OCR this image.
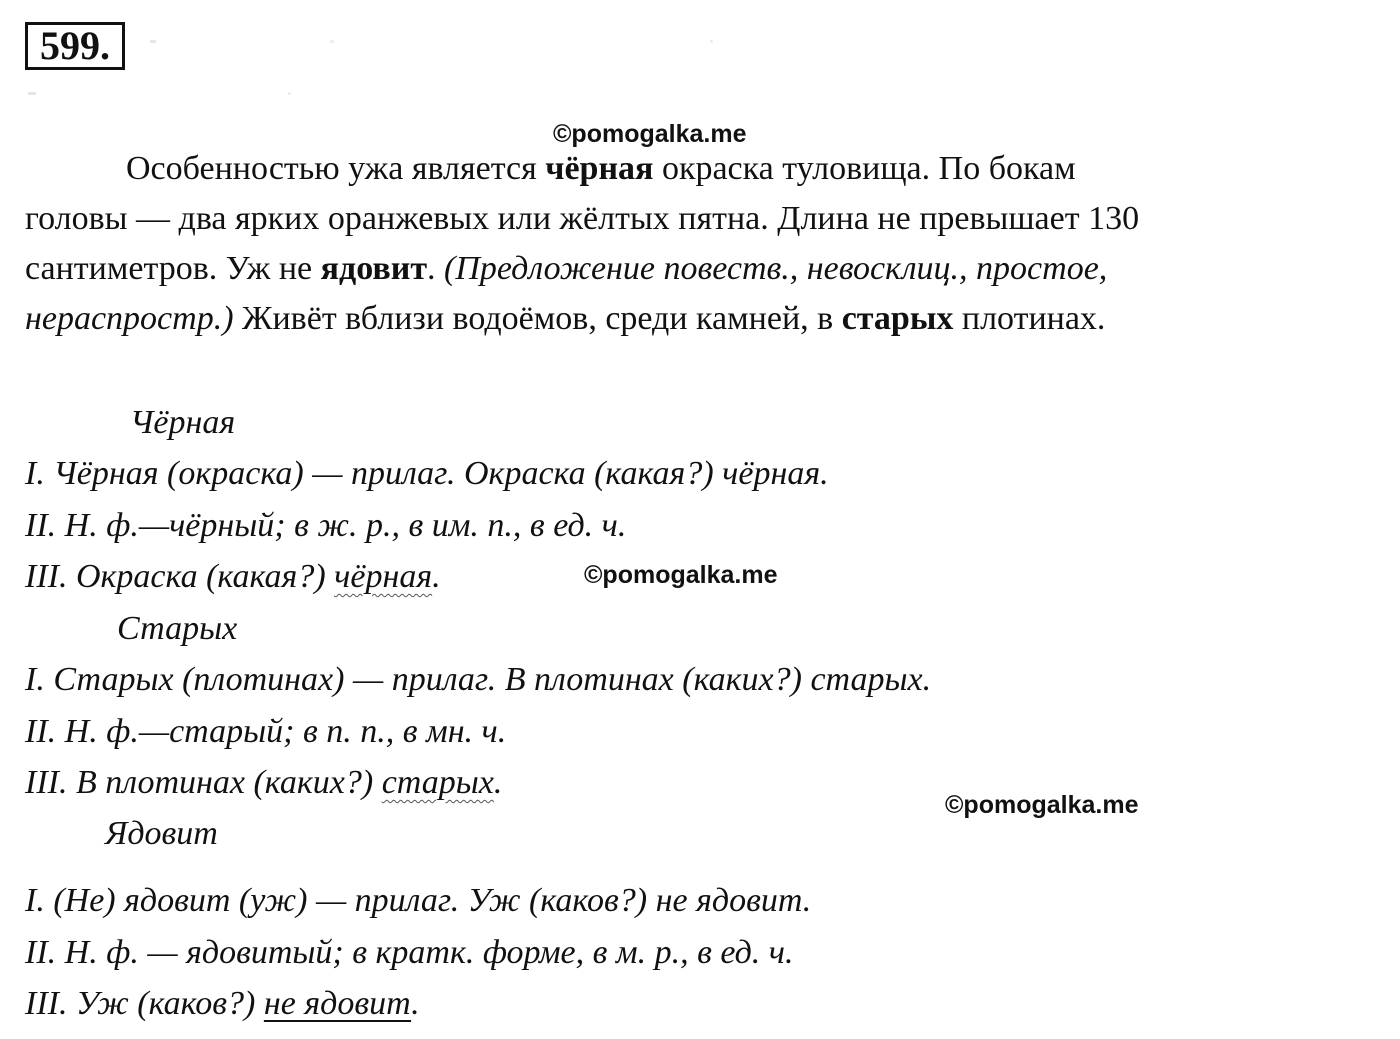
599.
©pomogalka.me
Особенностью ужа является чёрная окраска туловища. По бокам
головы — два ярких оранжевых или жёлтых пятна. Длина не превышает 130
сантиметров. Уж не ядовит. (Предложение повеств., невосклиц., простое,
нераспростр.) Живёт вблизи водоёмов, среди камней, в старых плотинах.
Чёрная
I. Чёрная (окраска) — прилаг. Окраска (какая?) чёрная.
II. Н. ф.—чёрный; в ж. р., в им. п., в ед. ч.
III. Окраска (какая?) чёрная.	©pomogalka.me
Старых
I. Старых (плотинах) — прилаг. В плотинах (каких?) старых.
II. Н. ф.—старый; в п. п., в мн. ч.
III. В плотинах (каких?) старых.
©pomogalka.me
Ядовит
I. (Не) ядовит (уж) — прилаг. Уж (каков?) не ядовит.
II. Н. ф. — ядовитый; в кратк. форме, в м. р., в ед. ч.
III. Уж (каков?) не ядовит.
